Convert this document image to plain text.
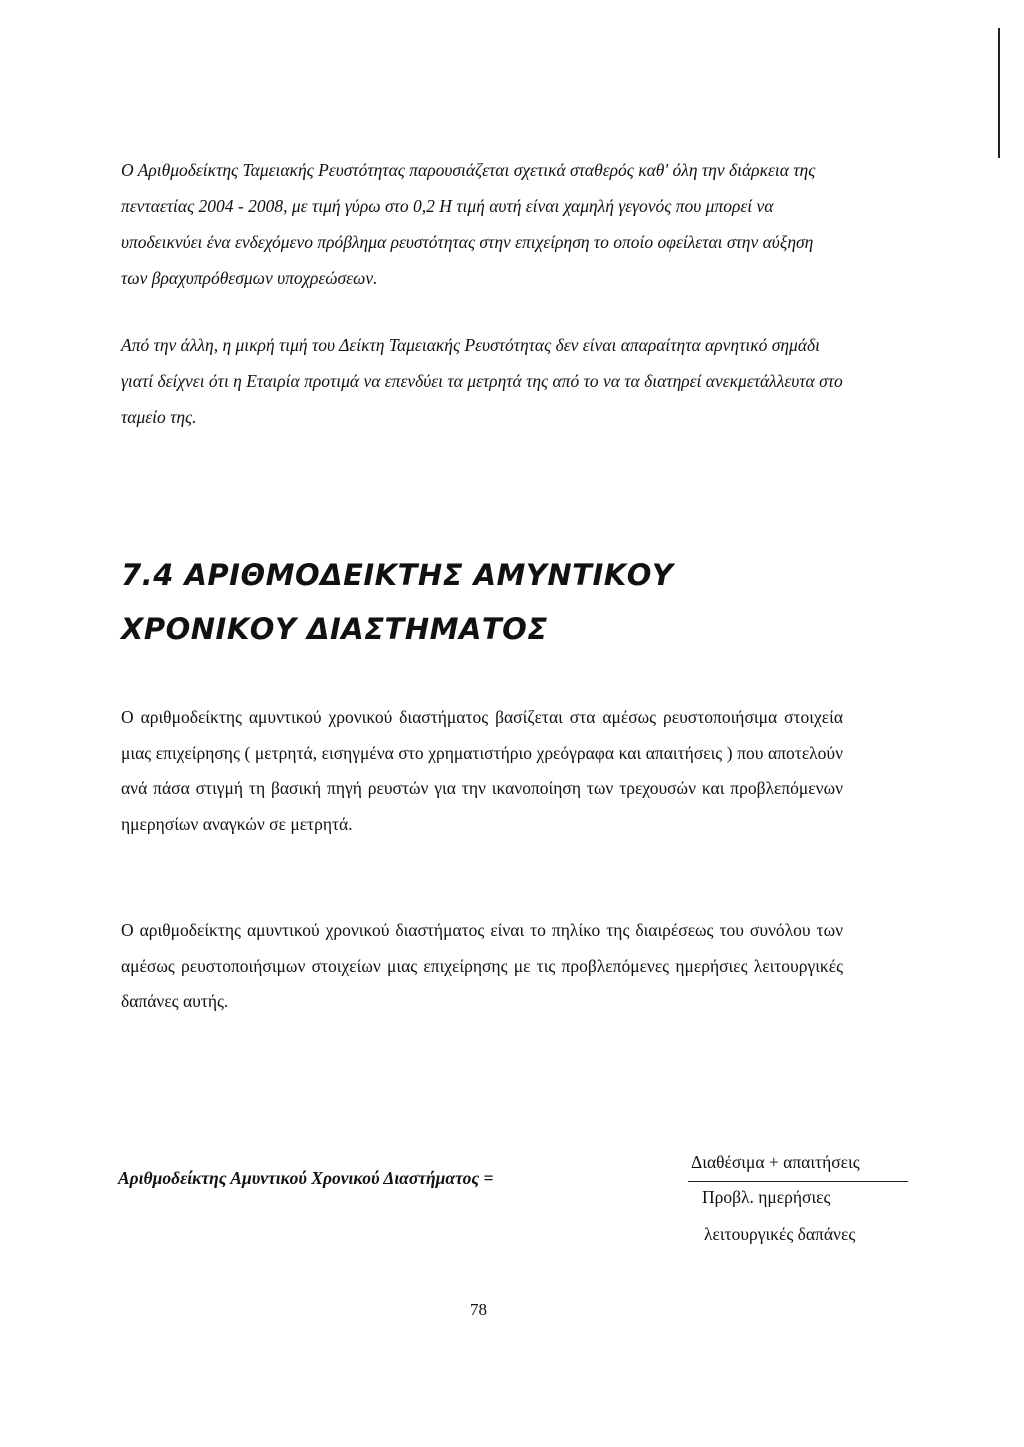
Ο Αριθμοδείκτης Ταμειακής Ρευστότητας παρουσιάζεται σχετικά σταθερός καθ' όλη την διάρκεια της πενταετίας 2004 - 2008, με τιμή γύρω στο 0,2 Η τιμή αυτή είναι χαμηλή γεγονός που μπορεί να υποδεικνύει ένα ενδεχόμενο πρόβλημα ρευστότητας στην επιχείρηση το οποίο οφείλεται στην αύξηση των βραχυπρόθεσμων υποχρεώσεων.

Από την άλλη, η μικρή τιμή του Δείκτη Ταμειακής Ρευστότητας δεν είναι απαραίτητα αρνητικό σημάδι γιατί δείχνει ότι η Εταιρία προτιμά να επενδύει τα μετρητά της από το να τα διατηρεί ανεκμετάλλευτα στο ταμείο της.

7.4 ΑΡΙΘΜΟΔΕΙΚΤΗΣ ΑΜΥΝΤΙΚΟΥ
ΧΡΟΝΙΚΟΥ ΔΙΑΣΤΗΜΑΤΟΣ

Ο αριθμοδείκτης αμυντικού χρονικού διαστήματος βασίζεται στα αμέσως ρευστοποιήσιμα στοιχεία μιας επιχείρησης ( μετρητά, εισηγμένα στο χρηματιστήριο χρεόγραφα και απαιτήσεις ) που αποτελούν ανά πάσα στιγμή τη βασική πηγή ρευστών για την ικανοποίηση των τρεχουσών και προβλεπόμενων ημερησίων αναγκών σε μετρητά.

Ο αριθμοδείκτης αμυντικού χρονικού διαστήματος είναι το πηλίκο της διαιρέσεως του συνόλου των αμέσως ρευστοποιήσιμων στοιχείων μιας επιχείρησης με τις προβλεπόμενες ημερήσιες λειτουργικές δαπάνες αυτής.

Αριθμοδείκτης Αμυντικού Χρονικού Διαστήματος =
Διαθέσιμα + απαιτήσεις
Προβλ. ημερήσιες
λειτουργικές δαπάνες
78
